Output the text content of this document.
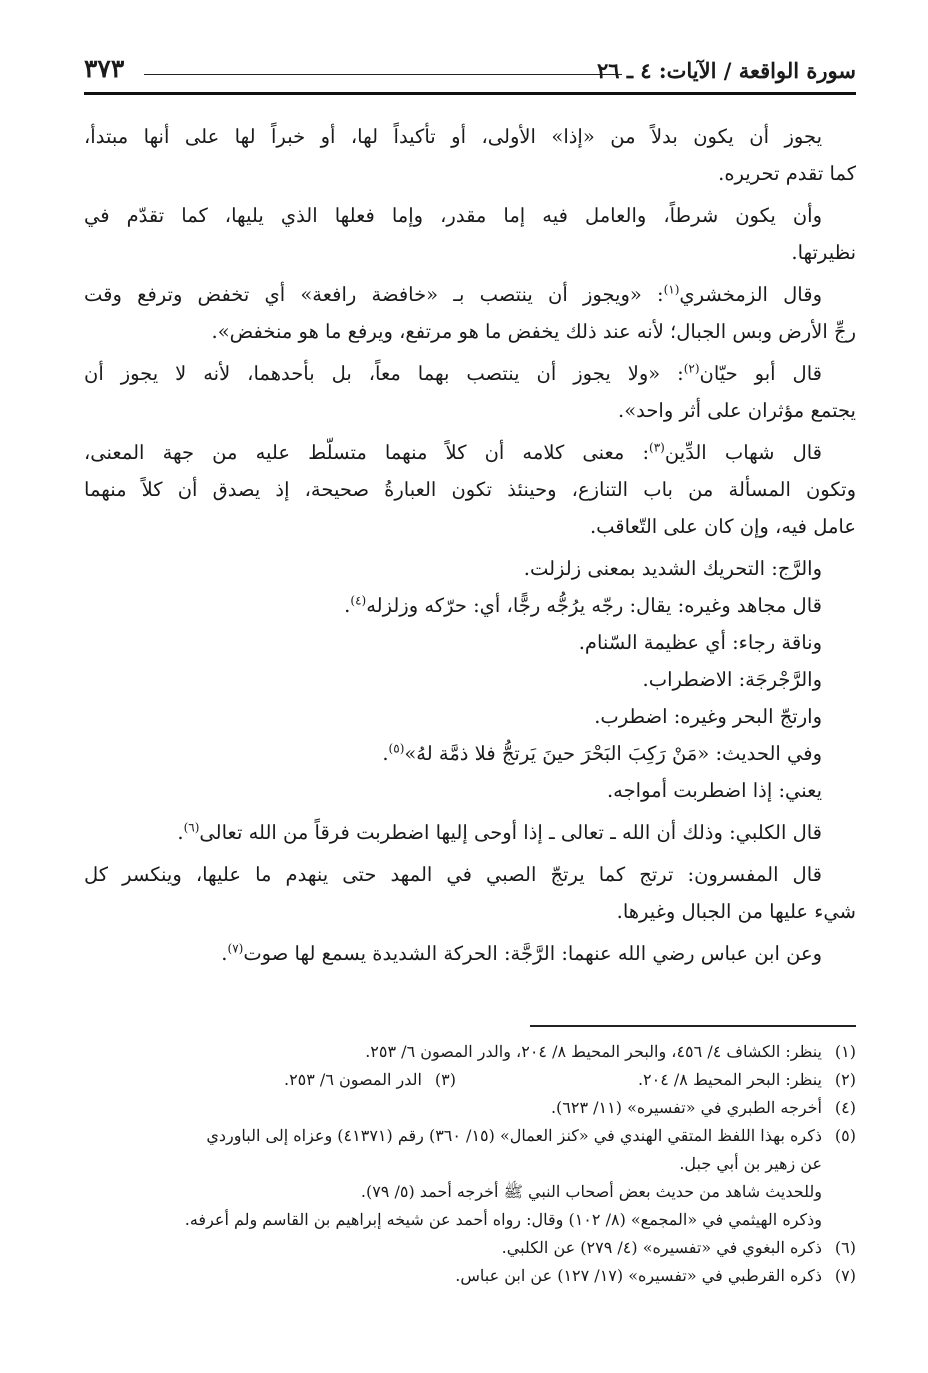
سورة الواقعة / الآيات: ٤ ـ ٢٦
٣٧٣
يجوز أن يكون بدلاً من «إذا» الأولى، أو تأكيداً لها، أو خبراً لها على أنها مبتدأ،
كما تقدم تحريره.
وأن يكون شرطاً، والعامل فيه إما مقدر، وإما فعلها الذي يليها، كما تقدّم في
نظيرتها.
وقال الزمخشري$^{(١)}$: «ويجوز أن ينتصب بـ «خافضة رافعة» أي تخفض وترفع وقت
رجِّ الأرض وبس الجبال؛ لأنه عند ذلك يخفض ما هو مرتفع، ويرفع ما هو منخفض».
قال أبو حيّان$^{(٢)}$: «ولا يجوز أن ينتصب بهما معاً، بل بأحدهما، لأنه لا يجوز أن
يجتمع مؤثران على أثر واحد».
قال شهاب الدِّين$^{(٣)}$: معنى كلامه أن كلاً منهما متسلّط عليه من جهة المعنى،
وتكون المسألة من باب التنازع، وحينئذ تكون العبارةُ صحيحة، إذ يصدق أن كلاً منهما
عامل فيه، وإن كان على التّعاقب.
والرَّج: التحريك الشديد بمعنى زلزلت.
قال مجاهد وغيره: يقال: رجّه يرُجُّه رجًّا، أي: حرّكه وزلزله$^{(٤)}$.
وناقة رجاء: أي عظيمة السّنام.
والرَّجْرجَة: الاضطراب.
وارتجّ البحر وغيره: اضطرب.
وفي الحديث: «مَنْ رَكِبَ البَحْرَ حينَ يَرتجُّ فلا ذمَّة لهُ»$^{(٥)}$.
يعني: إذا اضطربت أمواجه.
قال الكلبي: وذلك أن الله ـ تعالى ـ إذا أوحى إليها اضطربت فرقاً من الله تعالى$^{(٦)}$.
قال المفسرون: ترتج كما يرتجّ الصبي في المهد حتى ينهدم ما عليها، وينكسر كل
شيء عليها من الجبال وغيرها.
وعن ابن عباس رضي الله عنهما: الرَّجَّة: الحركة الشديدة يسمع لها صوت$^{(٧)}$.
(١)ينظر: الكشاف ٤/ ٤٥٦، والبحر المحيط ٨/ ٢٠٤، والدر المصون ٦/ ٢٥٣.
(٢)ينظر: البحر المحيط ٨/ ٢٠٤.
(٣)الدر المصون ٦/ ٢٥٣.
(٤)أخرجه الطبري في «تفسيره» (١١/ ٦٢٣).
(٥)ذكره بهذا اللفظ المتقي الهندي في «كنز العمال» (١٥/ ٣٦٠) رقم (٤١٣٧١) وعزاه إلى الباوردي
عن زهير بن أبي جبل.
وللحديث شاهد من حديث بعض أصحاب النبي ﷺ أخرجه أحمد (٥/ ٧٩).
وذكره الهيثمي في «المجمع» (٨/ ١٠٢) وقال: رواه أحمد عن شيخه إبراهيم بن القاسم ولم أعرفه.
(٦)ذكره البغوي في «تفسيره» (٤/ ٢٧٩) عن الكلبي.
(٧)ذكره القرطبي في «تفسيره» (١٧/ ١٢٧) عن ابن عباس.
